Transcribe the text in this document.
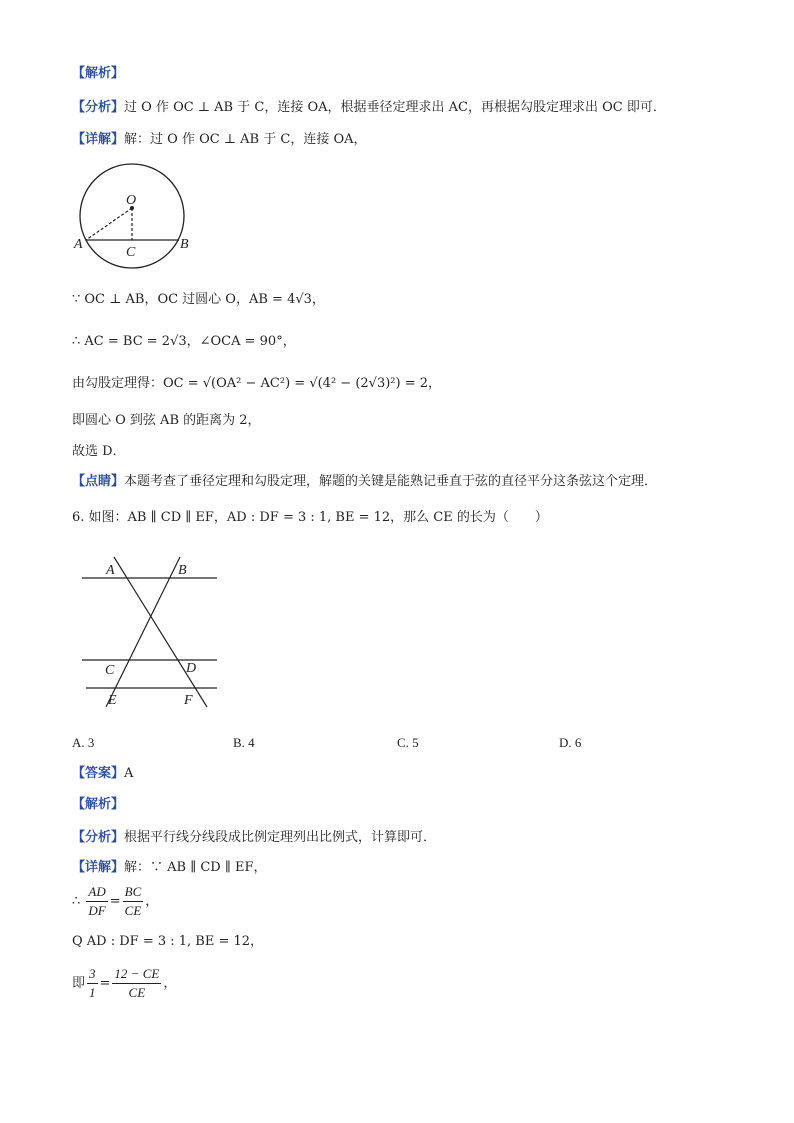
【解析】
【分析】过 O 作 OC ⊥ AB 于 C，连接 OA，根据垂径定理求出 AC，再根据勾股定理求出 OC 即可．
【详解】解：过 O 作 OC ⊥ AB 于 C，连接 OA，
O
A	B
C
∵ OC ⊥ AB，OC 过圆心 O，AB = 4√3，
∴ AC = BC = 2√3，∠OCA = 90°，
由勾股定理得：OC = √(OA² − AC²) = √(4² − (2√3)²) = 2，
即圆心 O 到弦 AB 的距离为 2，
故选 D．
【点睛】本题考查了垂径定理和勾股定理，解题的关键是能熟记垂直于弦的直径平分这条弦这个定理．
6. 如图：AB ∥ CD ∥ EF，AD : DF = 3 : 1, BE = 12，那么 CE 的长为（　　）
A	B
C	D
E	F
A. 3	B. 4	C. 5	D. 6
【答案】A
【解析】
【分析】根据平行线分线段成比例定理列出比例式，计算即可．
【详解】解：∵ AB ∥ CD ∥ EF，
∴ $\frac{AD}{DF} = \frac{BC}{CE}$ ，
Q AD : DF = 3 : 1, BE = 12，
即 $\frac{3}{1} = \frac{12 - CE}{CE}$ ，
